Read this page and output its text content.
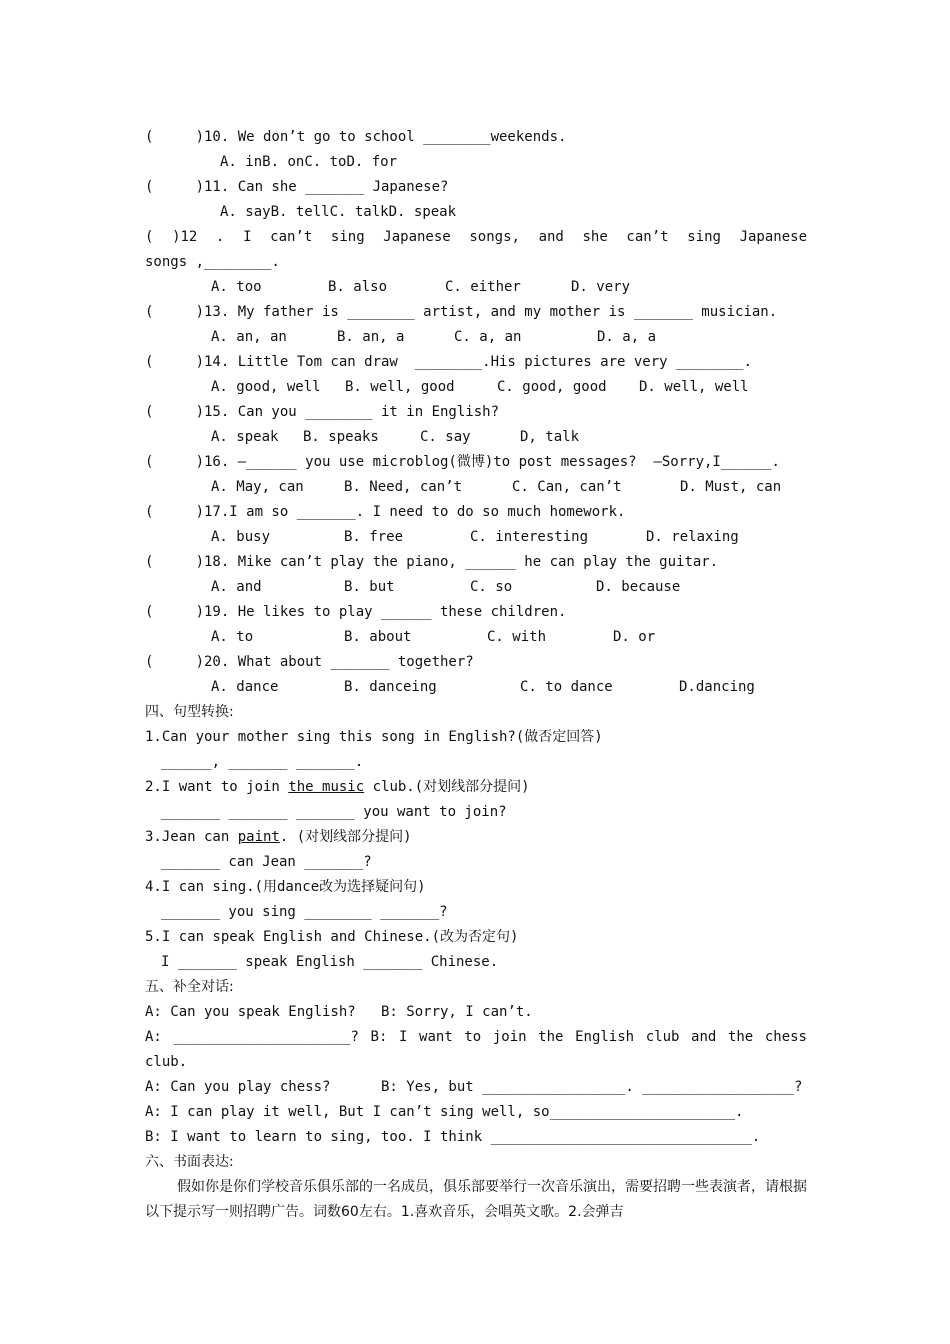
(     )10. We don’t go to school ________weekends.
A. inB. onC. toD. for
(     )11. Can she _______ Japanese?
A. sayB. tellC. talkD. speak
( )12 . I can’t sing Japanese songs, and she can’t sing Japanese
songs ,________.
A. too	B. also	C. either	D. very
(     )13. My father is ________ artist, and my mother is _______ musician.
A. an, an	B. an, a	C. a, an	D. a, a
(     )14. Little Tom can draw  ________.His pictures are very ________.
A. good, well B. well, good	C. good, good D. well, well
(     )15. Can you ________ it in English?
A. speak B. speaks	C. say	D, talk
(     )16. —______ you use microblog(微博)to post messages?  —Sorry,I______.
A. May, can	B. Need, can’t	C. Can, can’t	D. Must, can
(     )17.I am so _______. I need to do so much homework.
A. busy	B. free	C. interesting	D. relaxing
(     )18. Mike can’t play the piano, ______ he can play the guitar.
A. and	B. but	C. so	D. because
(     )19. He likes to play ______ these children.
A. to	B. about	C. with	D. or
(     )20. What about _______ together?
A. dance	B. danceing	C. to dance	D.dancing
四、句型转换:
1.Can your mother sing this song in English?(做否定回答)
______, _______ _______.
2.I want to join the music club.(对划线部分提问)
_______ _______ _______ you want to join?
3.Jean can paint. (对划线部分提问)
_______ can Jean _______?
4.I can sing.(用dance改为选择疑问句)
_______ you sing ________ _______?
5.I can speak English and Chinese.(改为否定句)
I _______ speak English _______ Chinese.
五、补全对话:
A: Can you speak English?   B: Sorry, I can’t.
A: _____________________? B: I want to join the English club and the chess
club.
A: Can you play chess?      B: Yes, but _________________. __________________?
A: I can play it well, But I can’t sing well, so______________________.
B: I want to learn to sing, too. I think _______________________________.
六、书面表达:
假如你是你们学校音乐俱乐部的一名成员，俱乐部要举行一次音乐演出，需要招聘一些表演者，请根据以下提示写一则招聘广告。词数60左右。1.喜欢音乐，会唱英文歌。2.会弹吉
